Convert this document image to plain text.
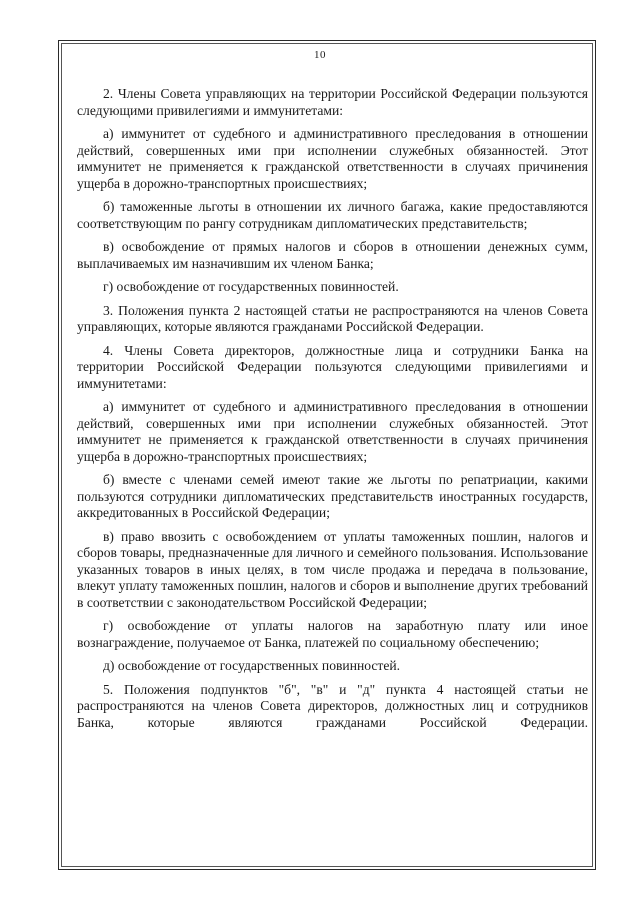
10

2. Члены Совета управляющих на территории Российской Федерации пользуются следующими привилегиями и иммунитетами:

а) иммунитет от судебного и административного преследования в отношении действий, совершенных ими при исполнении служебных обязанностей. Этот иммунитет не применяется к гражданской ответственности в случаях причинения ущерба в дорожно-транспортных происшествиях;

б) таможенные льготы в отношении их личного багажа, какие предоставляются соответствующим по рангу сотрудникам дипломатических представительств;

в) освобождение от прямых налогов и сборов в отношении денежных сумм, выплачиваемых им назначившим их членом Банка;

г) освобождение от государственных повинностей.

3. Положения пункта 2 настоящей статьи не распространяются на членов Совета управляющих, которые являются гражданами Российской Федерации.

4. Члены Совета директоров, должностные лица и сотрудники Банка на территории Российской Федерации пользуются следующими привилегиями и иммунитетами:

а) иммунитет от судебного и административного преследования в отношении действий, совершенных ими при исполнении служебных обязанностей. Этот иммунитет не применяется к гражданской ответственности в случаях причинения ущерба в дорожно-транспортных происшествиях;

б) вместе с членами семей имеют такие же льготы по репатриации, какими пользуются сотрудники дипломатических представительств иностранных государств, аккредитованных в Российской Федерации;

в) право ввозить с освобождением от уплаты таможенных пошлин, налогов и сборов товары, предназначенные для личного и семейного пользования. Использование указанных товаров в иных целях, в том числе продажа и передача в пользование, влекут уплату таможенных пошлин, налогов и сборов и выполнение других требований в соответствии с законодательством Российской Федерации;

г) освобождение от уплаты налогов на заработную плату или иное вознаграждение, получаемое от Банка, платежей по социальному обеспечению;

д) освобождение от государственных повинностей.

5. Положения подпунктов "б", "в" и "д" пункта 4 настоящей статьи не распространяются на членов Совета директоров, должностных лиц и сотрудников Банка, которые являются гражданами Российской Федерации.
